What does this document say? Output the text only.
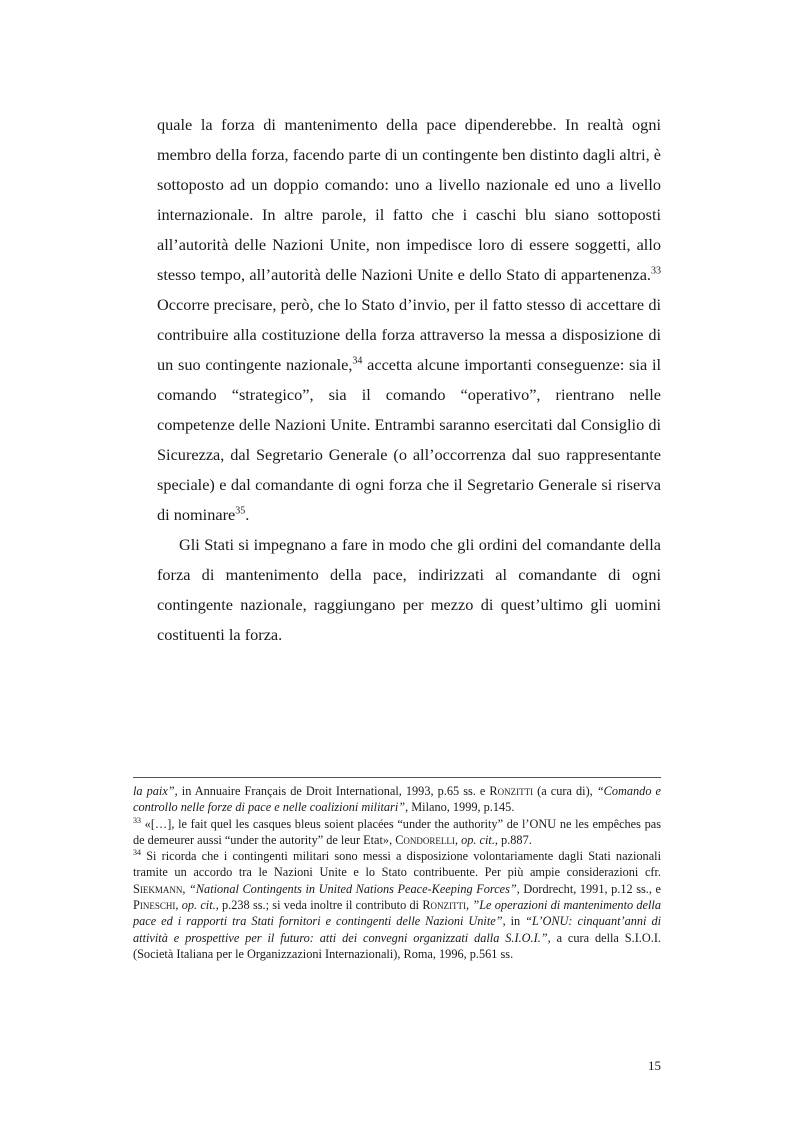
quale la forza di mantenimento della pace dipenderebbe. In realtà ogni membro della forza, facendo parte di un contingente ben distinto dagli altri, è sottoposto ad un doppio comando: uno a livello nazionale ed uno a livello internazionale. In altre parole, il fatto che i caschi blu siano sottoposti all’autorità delle Nazioni Unite, non impedisce loro di essere soggetti, allo stesso tempo, all’autorità delle Nazioni Unite e dello Stato di appartenenza.$^{33}$ Occorre precisare, però, che lo Stato d’invio, per il fatto stesso di accettare di contribuire alla costituzione della forza attraverso la messa a disposizione di un suo contingente nazionale,$^{34}$ accetta alcune importanti conseguenze: sia il comando “strategico”, sia il comando “operativo”, rientrano nelle competenze delle Nazioni Unite. Entrambi saranno esercitati dal Consiglio di Sicurezza, dal Segretario Generale (o all’occorrenza dal suo rappresentante speciale) e dal comandante di ogni forza che il Segretario Generale si riserva di nominare$^{35}$.

Gli Stati si impegnano a fare in modo che gli ordini del comandante della forza di mantenimento della pace, indirizzati al comandante di ogni contingente nazionale, raggiungano per mezzo di quest’ultimo gli uomini costituenti la forza.

la paix”, in Annuaire Français de Droit International, 1993, p.65 ss. e Ronzitti (a cura di), “Comando e controllo nelle forze di pace e nelle coalizioni militari”, Milano, 1999, p.145.

$^{33}$ «[…], le fait quel les casques bleus soient placées “under the authority” de l’ONU ne les empêches pas de demeurer aussi “under the autority” de leur Etat», Condorelli, op. cit., p.887.

$^{34}$ Si ricorda che i contingenti militari sono messi a disposizione volontariamente dagli Stati nazionali tramite un accordo tra le Nazioni Unite e lo Stato contribuente. Per più ampie considerazioni cfr. Siekmann, “National Contingents in United Nations Peace-Keeping Forces”, Dordrecht, 1991, p.12 ss., e Pineschi, op. cit., p.238 ss.; si veda inoltre il contributo di Ronzitti, ”Le operazioni di mantenimento della pace ed i rapporti tra Stati fornitori e contingenti delle Nazioni Unite”, in “L’ONU: cinquant’anni di attività e prospettive per il futuro: atti dei convegni organizzati dalla S.I.O.I.”, a cura della S.I.O.I. (Società Italiana per le Organizzazioni Internazionali), Roma, 1996, p.561 ss.

15
